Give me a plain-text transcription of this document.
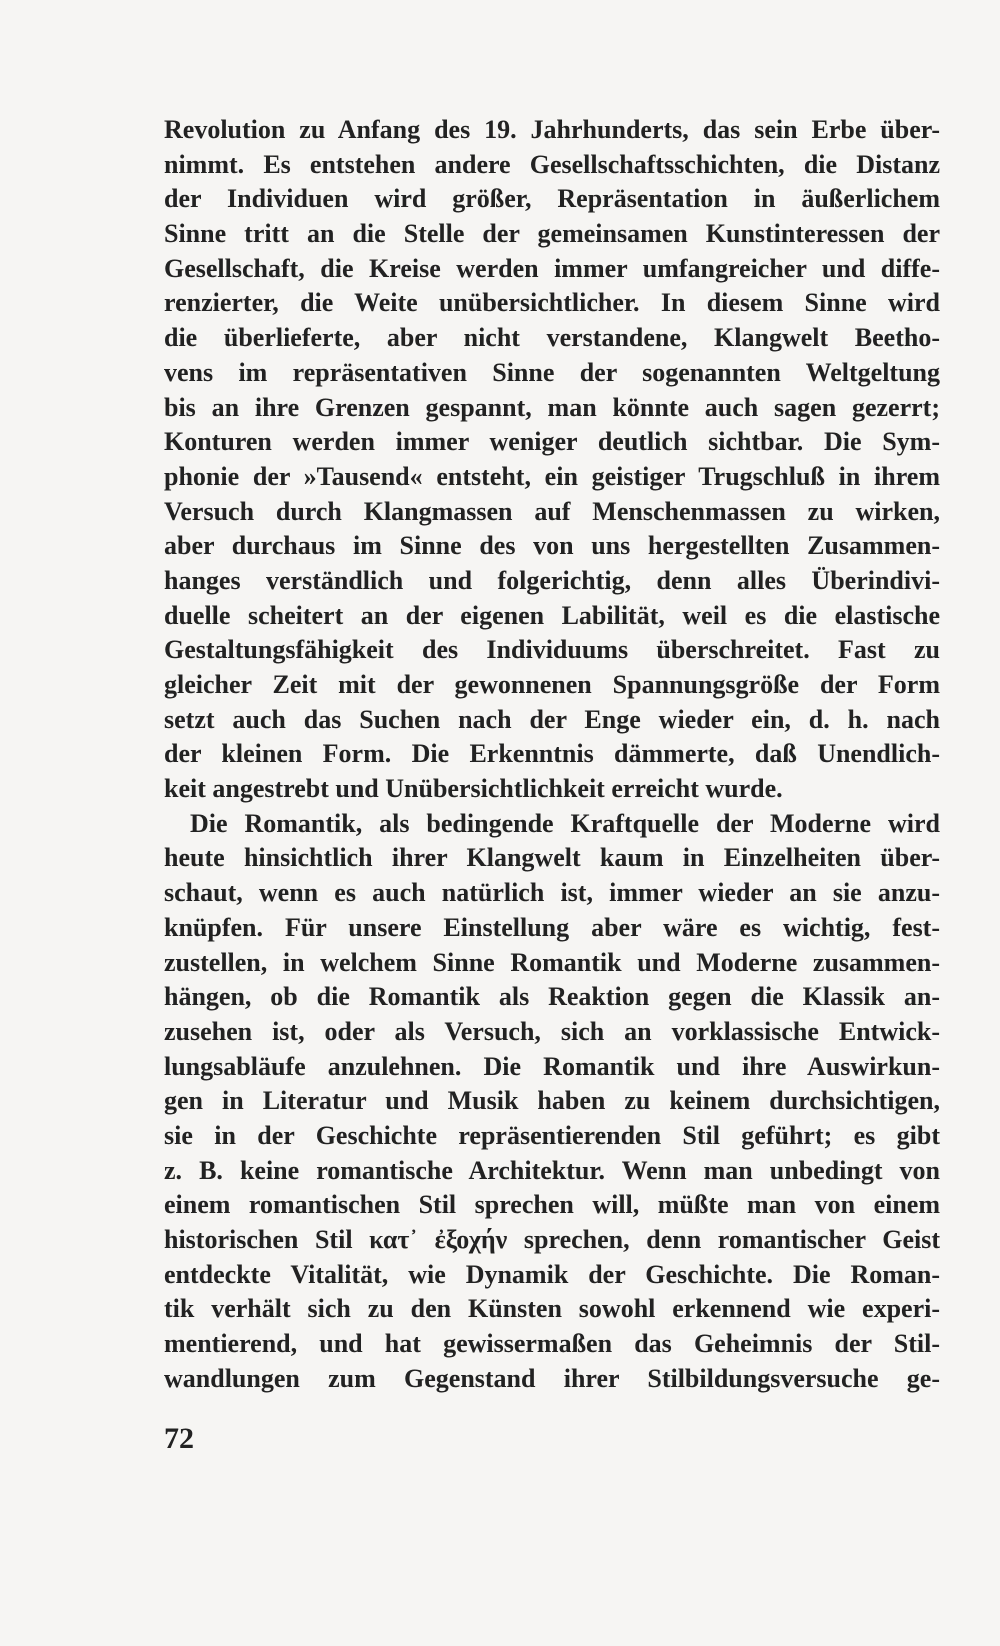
Revolution zu Anfang des 19. Jahrhunderts, das sein Erbe über-
nimmt. Es entstehen andere Gesellschaftsschichten, die Distanz
der Individuen wird größer, Repräsentation in äußerlichem
Sinne tritt an die Stelle der gemeinsamen Kunstinteressen der
Gesellschaft, die Kreise werden immer umfangreicher und diffe-
renzierter, die Weite unübersichtlicher. In diesem Sinne wird
die überlieferte, aber nicht verstandene, Klangwelt Beetho-
vens im repräsentativen Sinne der sogenannten Weltgeltung
bis an ihre Grenzen gespannt, man könnte auch sagen gezerrt;
Konturen werden immer weniger deutlich sichtbar. Die Sym-
phonie der »Tausend« entsteht, ein geistiger Trugschluß in ihrem
Versuch durch Klangmassen auf Menschenmassen zu wirken,
aber durchaus im Sinne des von uns hergestellten Zusammen-
hanges verständlich und folgerichtig, denn alles Überindivi-
duelle scheitert an der eigenen Labilität, weil es die elastische
Gestaltungsfähigkeit des Individuums überschreitet. Fast zu
gleicher Zeit mit der gewonnenen Spannungsgröße der Form
setzt auch das Suchen nach der Enge wieder ein, d. h. nach
der kleinen Form. Die Erkenntnis dämmerte, daß Unendlich-
keit angestrebt und Unübersichtlichkeit erreicht wurde.
Die Romantik, als bedingende Kraftquelle der Moderne wird
heute hinsichtlich ihrer Klangwelt kaum in Einzelheiten über-
schaut, wenn es auch natürlich ist, immer wieder an sie anzu-
knüpfen. Für unsere Einstellung aber wäre es wichtig, fest-
zustellen, in welchem Sinne Romantik und Moderne zusammen-
hängen, ob die Romantik als Reaktion gegen die Klassik an-
zusehen ist, oder als Versuch, sich an vorklassische Entwick-
lungsabläufe anzulehnen. Die Romantik und ihre Auswirkun-
gen in Literatur und Musik haben zu keinem durchsichtigen,
sie in der Geschichte repräsentierenden Stil geführt; es gibt
z. B. keine romantische Architektur. Wenn man unbedingt von
einem romantischen Stil sprechen will, müßte man von einem
historischen Stil κατ᾽ ἐξοχήν sprechen, denn romantischer Geist
entdeckte Vitalität, wie Dynamik der Geschichte. Die Roman-
tik verhält sich zu den Künsten sowohl erkennend wie experi-
mentierend, und hat gewissermaßen das Geheimnis der Stil-
wandlungen zum Gegenstand ihrer Stilbildungsversuche ge-
72
